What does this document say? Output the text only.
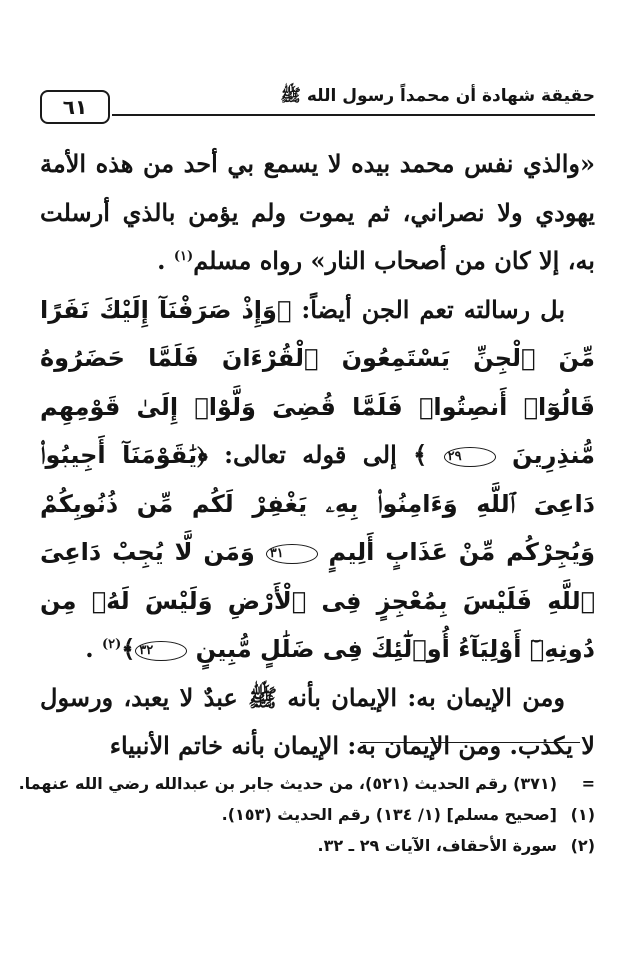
حقيقة شهادة أن محمداً رسول الله ﷺ
٦١

«والذي نفس محمد بيده لا يسمع بي أحد من هذه الأمة يهودي ولا نصراني، ثم يموت ولم يؤمن بالذي أرسلت به، إلا كان من أصحاب النار» رواه مسلم$^{(١)}$ .

بل رسالته تعم الجن أيضاً: ﴿وَإِذْ صَرَفْنَآ إِلَيْكَ نَفَرًا مِّنَ ٱلْجِنِّ يَسْتَمِعُونَ ٱلْقُرْءَانَ فَلَمَّا حَضَرُوهُ قَالُوٓا۟ أَنصِتُوا۟ فَلَمَّا قُضِىَ وَلَّوْا۟ إِلَىٰ قَوْمِهِم مُّنذِرِينَ ٢٩ ﴾ إلى قوله تعالى: ﴿يَٰقَوْمَنَآ أَجِيبُوا۟ دَاعِىَ ٱللَّهِ وَءَامِنُوا۟ بِهِۦ يَغْفِرْ لَكُم مِّن ذُنُوبِكُمْ وَيُجِرْكُم مِّنْ عَذَابٍ أَلِيمٍ ٣١ وَمَن لَّا يُجِبْ دَاعِىَ ٱللَّهِ فَلَيْسَ بِمُعْجِزٍ فِى ٱلْأَرْضِ وَلَيْسَ لَهُۥ مِن دُونِهِۦٓ أَوْلِيَآءُ أُو۟لَٰٓئِكَ فِى ضَلَٰلٍ مُّبِينٍ ٣٢﴾$^{(٢)}$ .

ومن الإيمان به: الإيمان بأنه ﷺ عبدٌ لا يعبد، ورسول لا يكذب. ومن الإيمان به: الإيمان بأنه خاتم الأنبياء

=(٣٧١) رقم الحديث (٥٢١)، من حديث جابر بن عبدالله رضي الله عنهما.
(١)[صحيح مسلم] (١/ ١٣٤) رقم الحديث (١٥٣).
(٢)سورة الأحقاف، الآيات ٢٩ ـ ٣٢.
